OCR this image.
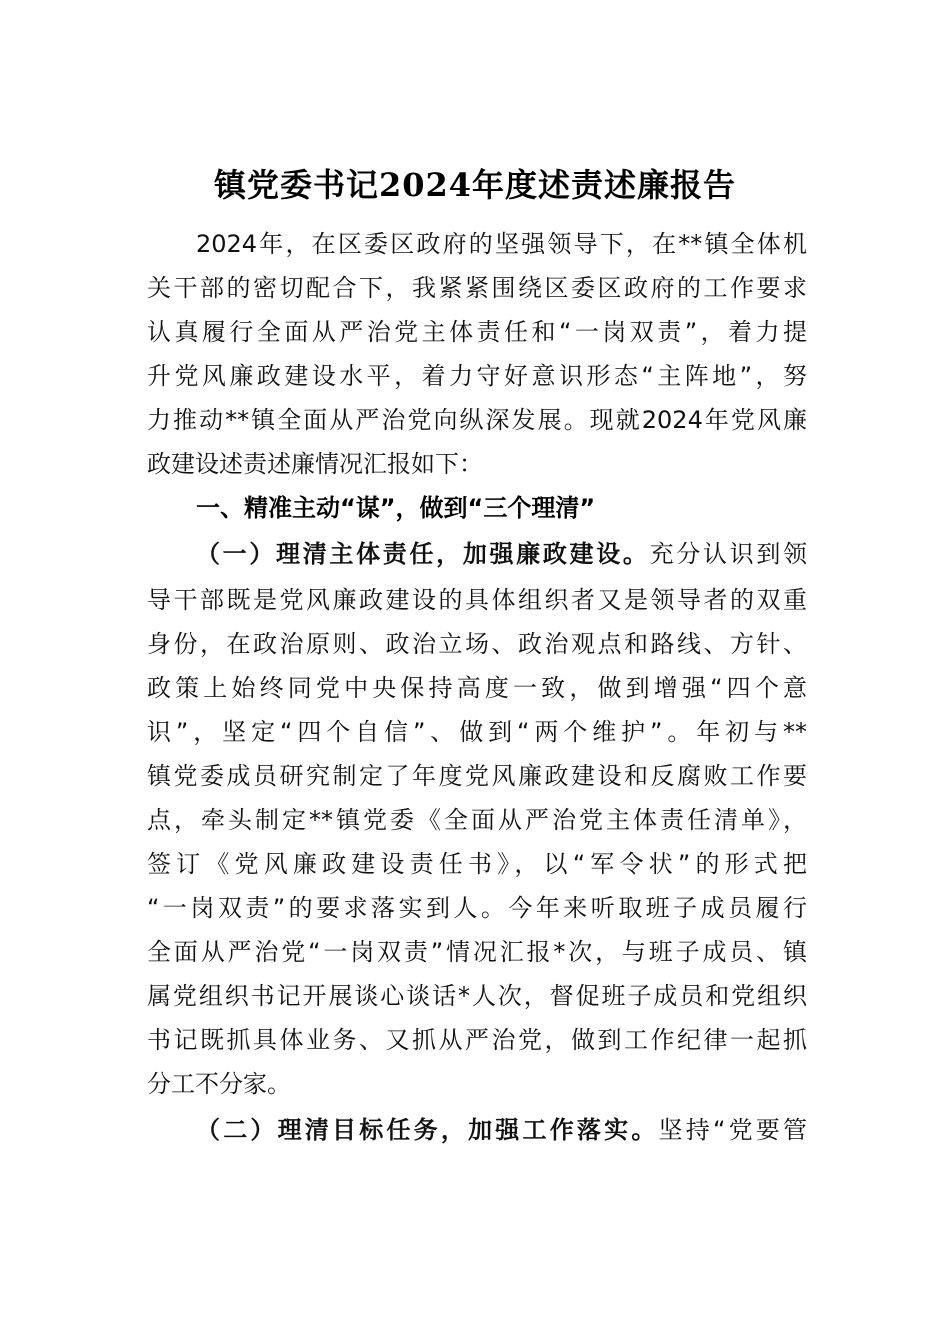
镇党委书记2024年度述责述廉报告
2024年，在区委区政府的坚强领导下，在**镇全体机
关干部的密切配合下，我紧紧围绕区委区政府的工作要求
认真履行全面从严治党主体责任和“一岗双责”，着力提
升党风廉政建设水平，着力守好意识形态“主阵地”，努
力推动**镇全面从严治党向纵深发展。现就2024年党风廉
政建设述责述廉情况汇报如下：
一、精准主动“谋”，做到“三个理清”
（一）理清主体责任，加强廉政建设。充分认识到领
导干部既是党风廉政建设的具体组织者又是领导者的双重
身份，在政治原则、政治立场、政治观点和路线、方针、
政策上始终同党中央保持高度一致，做到增强“四个意
识”，坚定“四个自信”、做到“两个维护”。年初与**
镇党委成员研究制定了年度党风廉政建设和反腐败工作要
点，牵头制定**镇党委《全面从严治党主体责任清单》，
签订《党风廉政建设责任书》，以“军令状”的形式把
“一岗双责”的要求落实到人。今年来听取班子成员履行
全面从严治党“一岗双责”情况汇报*次，与班子成员、镇
属党组织书记开展谈心谈话*人次，督促班子成员和党组织
书记既抓具体业务、又抓从严治党，做到工作纪律一起抓
分工不分家。
（二）理清目标任务，加强工作落实。坚持“党要管
